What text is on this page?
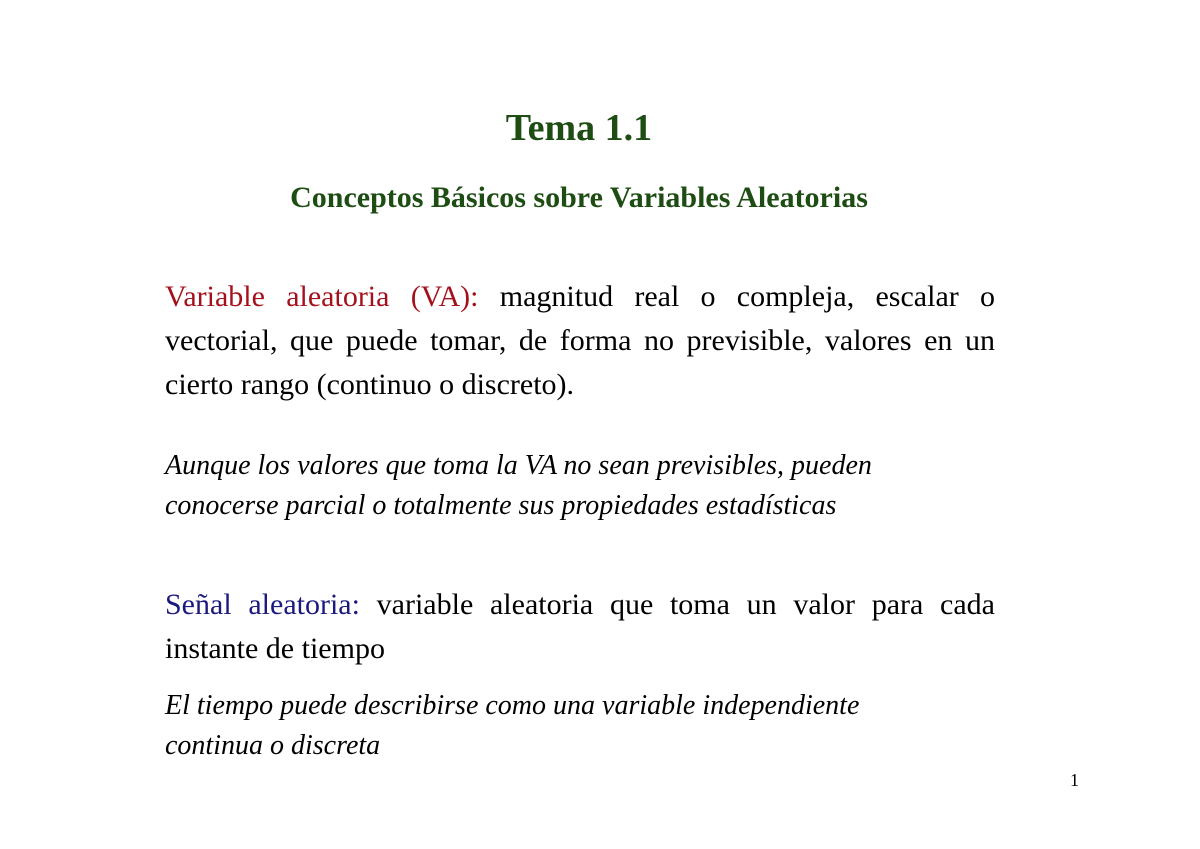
Tema 1.1
Conceptos Básicos sobre Variables Aleatorias

Variable aleatoria (VA): magnitud real o compleja, escalar o vectorial, que puede tomar, de forma no previsible, valores en un cierto rango (continuo o discreto).

Aunque los valores que toma la VA no sean previsibles, pueden
conocerse parcial o totalmente sus propiedades estadísticas

Señal aleatoria: variable aleatoria que toma un valor para cada instante de tiempo

El tiempo puede describirse como una variable independiente
continua o discreta
1
